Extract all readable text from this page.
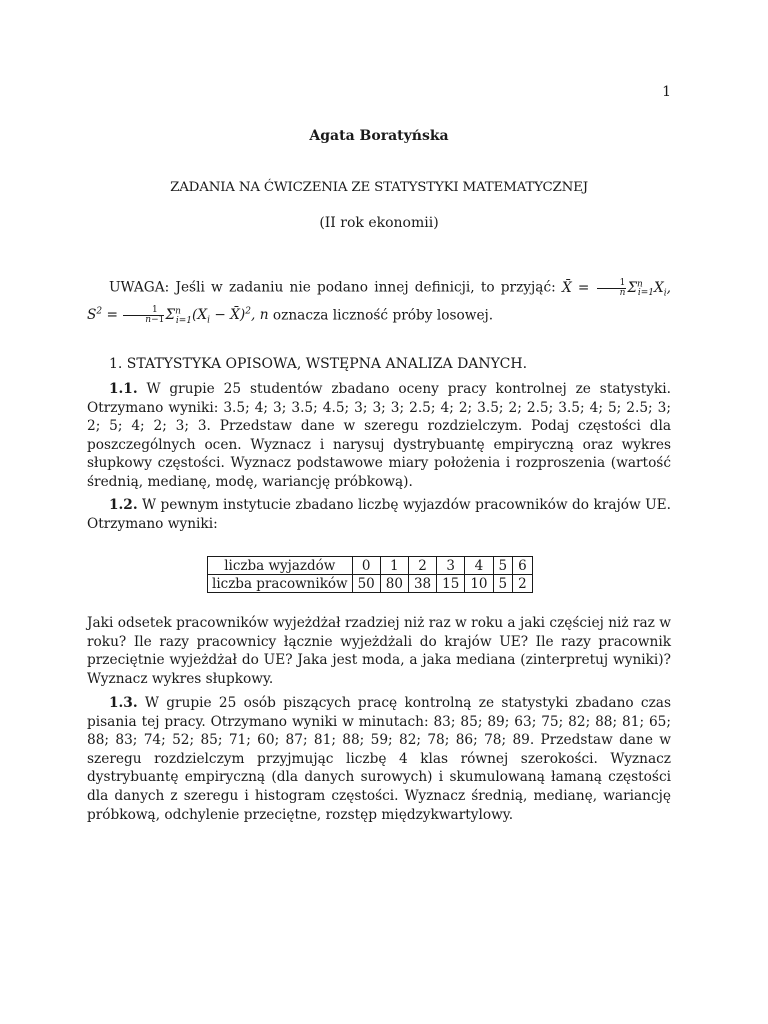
1
Agata Boratyńska
ZADANIA NA ĆWICZENIA ZE STATYSTYKI MATEMATYCZNEJ
(II rok ekonomii)
UWAGA: Jeśli w zadaniu nie podano innej definicji, to przyjąć: X̄ = $\frac{1}{n} \Sigma^n_{i=1}X_i$, $S^2 = \frac{1}{n-1} \Sigma^n_{i=1}(X_i$ − X̄)$^2$, n oznacza liczność próby losowej.
1. STATYSTYKA OPISOWA, WSTĘPNA ANALIZA DANYCH.
1.1. W grupie 25 studentów zbadano oceny pracy kontrolnej ze statystyki. Otrzymano wyniki: 3.5; 4; 3; 3.5; 4.5; 3; 3; 3; 2.5; 4; 2; 3.5; 2; 2.5; 3.5; 4; 5; 2.5; 3; 2; 5; 4; 2; 3; 3. Przedstaw dane w szeregu rozdzielczym. Podaj częstości dla poszczególnych ocen. Wyznacz i narysuj dystrybuantę empiryczną oraz wykres słupkowy częstości. Wyznacz podstawowe miary położenia i rozproszenia (wartość średnią, medianę, modę, wariancję próbkową).
1.2. W pewnym instytucie zbadano liczbę wyjazdów pracowników do krajów UE. Otrzymano wyniki:
liczba wyjazdów	0	1	2	3	4	5	6
liczba pracowników	50	80	38	15	10	5	2
Jaki odsetek pracowników wyjeżdżał rzadziej niż raz w roku a jaki częściej niż raz w roku? Ile razy pracownicy łącznie wyjeżdżali do krajów UE? Ile razy pracownik przeciętnie wyjeżdżał do UE? Jaka jest moda, a jaka mediana (zinterpretuj wyniki)? Wyznacz wykres słupkowy.
1.3. W grupie 25 osób piszących pracę kontrolną ze statystyki zbadano czas pisania tej pracy. Otrzymano wyniki w minutach: 83; 85; 89; 63; 75; 82; 88; 81; 65; 88; 83; 74; 52; 85; 71; 60; 87; 81; 88; 59; 82; 78; 86; 78; 89. Przedstaw dane w szeregu rozdzielczym przyjmując liczbę 4 klas równej szerokości. Wyznacz dystrybuantę empiryczną (dla danych surowych) i skumulowaną łamaną częstości dla danych z szeregu i histogram częstości. Wyznacz średnią, medianę, wariancję próbkową, odchylenie przeciętne, rozstęp międzykwartylowy.
